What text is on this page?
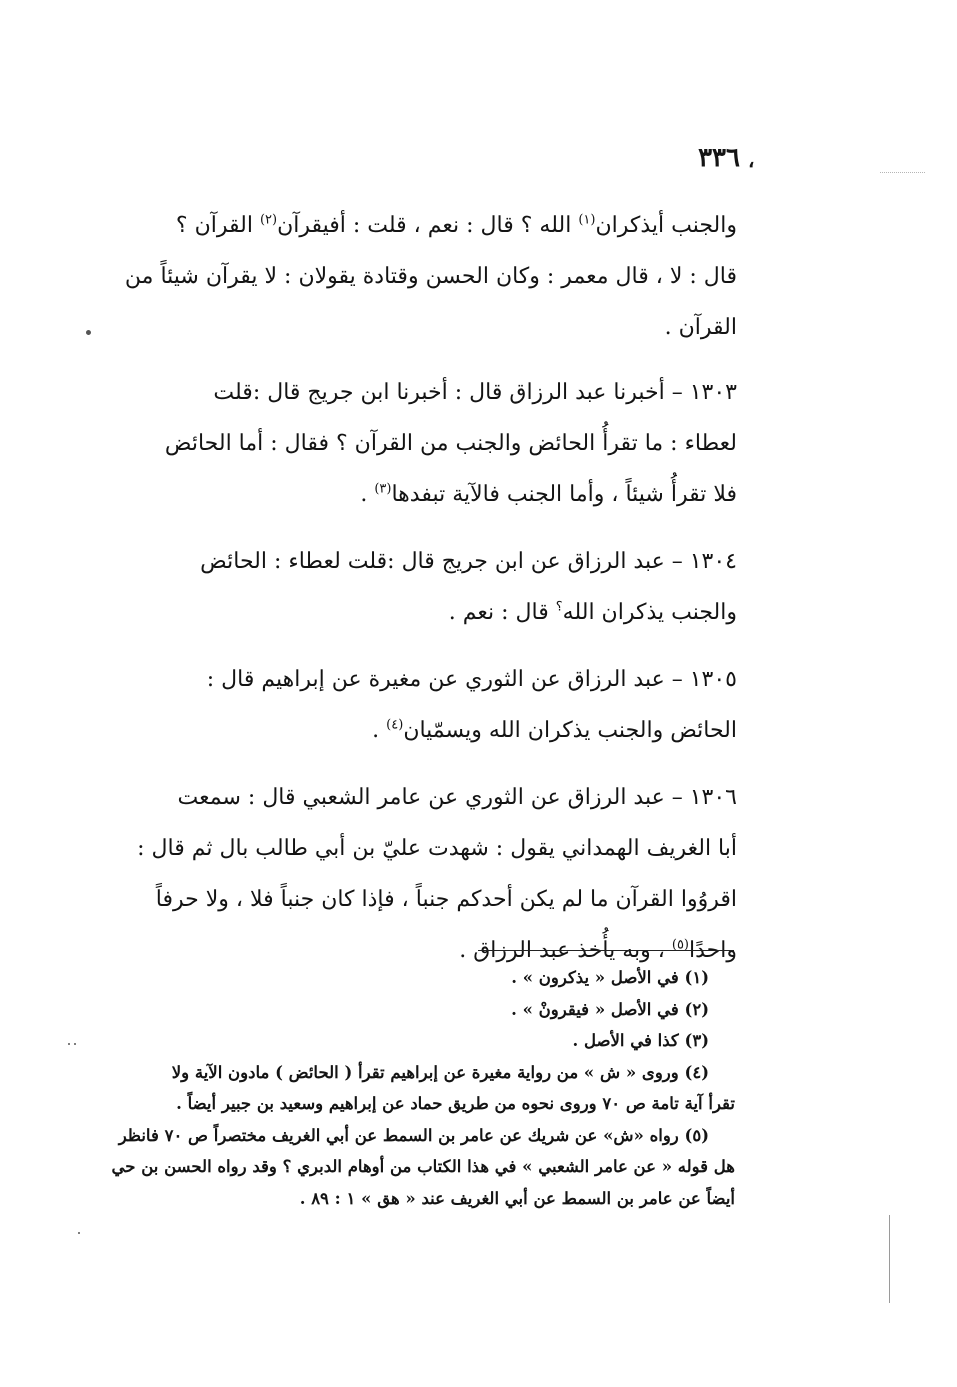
،
٣٣٦
والجنب أيذكران$^{(١)}$ الله ؟ قال : نعم ، قلت : أفيقرآن$^{(٢)}$ القرآن ؟
قال : لا ، قال معمر : وكان الحسن وقتادة يقولان : لا يقرآن شيئاً من
القرآن .
١٣٠٣ – أخبرنا عبد الرزاق قال : أخبرنا ابن جريج قال :قلت
لعطاء : ما تقرأُ الحائض والجنب من القرآن ؟ فقال : أما الحائض
فلا تقرأُ شيئاً ، وأما الجنب فالآية تبفدها$^{(٣)}$ .
١٣٠٤ – عبد الرزاق عن ابن جريج قال :قلت لعطاء : الحائض
والجنب يذكران الله؟ قال : نعم .
١٣٠٥ – عبد الرزاق عن الثوري عن مغيرة عن إبراهيم قال :
الحائض والجنب يذكران الله ويسمّيان$^{(٤)}$ .
١٣٠٦ – عبد الرزاق عن الثوري عن عامر الشعبي قال : سمعت
أبا الغريف الهمداني يقول : شهدت عليّ بن أبي طالب بال ثم قال :
اقروُوا القرآن ما لم يكن أحدكم جنباً ، فإذا كان جنباً فلا ، ولا حرفاً
واحدًا$^{(٥)}$ ، وبه يأُخذ عبد الرزاق .
(١) في الأصل « يذكرون » .
(٢) في الأصل « فيقرونْ » .
(٣) كذا في الأصل .
(٤) وروى « ش » من رواية مغيرة عن إبراهيم تقرأ ( الحائض ) مادون الآية ولا
تقرأ آية تامة ص ٧٠ وروى نحوه من طريق حماد عن إبراهيم وسعيد بن جبير أيضاً .
(٥) رواه «ش» عن شريك عن عامر بن السمط عن أبي الغريف مختصراً ص ٧٠ فانظر
هل قوله « عن عامر الشعبي » في هذا الكتاب من أوهام الدبري ؟ وقد رواه الحسن بن حي
أيضاً عن عامر بن السمط عن أبي الغريف عند « هق » ١ : ٨٩ .
